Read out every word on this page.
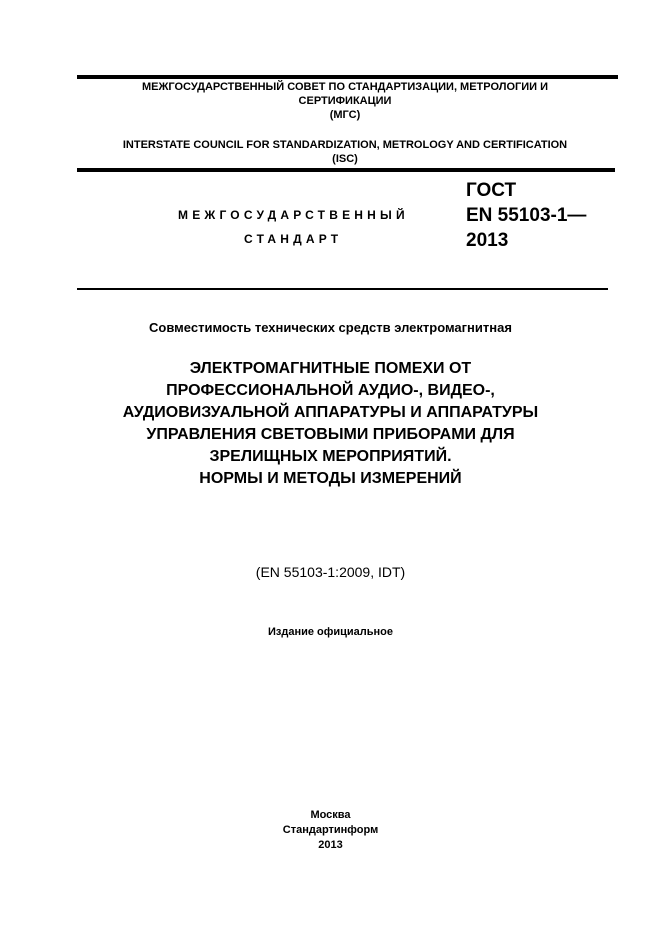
МЕЖГОСУДАРСТВЕННЫЙ СОВЕТ ПО СТАНДАРТИЗАЦИИ, МЕТРОЛОГИИ И
СЕРТИФИКАЦИИ
(МГС)
INTERSTATE COUNCIL FOR STANDARDIZATION, METROLOGY AND CERTIFICATION
(ISC)
МЕЖГОСУДАРСТВЕННЫЙ
СТАНДАРТ
ГОСТ
EN 55103-1—
2013
Совместимость технических средств электромагнитная
ЭЛЕКТРОМАГНИТНЫЕ ПОМЕХИ ОТ
ПРОФЕССИОНАЛЬНОЙ АУДИО-, ВИДЕО-,
АУДИОВИЗУАЛЬНОЙ АППАРАТУРЫ И АППАРАТУРЫ
УПРАВЛЕНИЯ СВЕТОВЫМИ ПРИБОРАМИ ДЛЯ
ЗРЕЛИЩНЫХ МЕРОПРИЯТИЙ.
НОРМЫ И МЕТОДЫ ИЗМЕРЕНИЙ
(EN 55103-1:2009, IDT)
Издание официальное
Москва
Стандартинформ
2013
